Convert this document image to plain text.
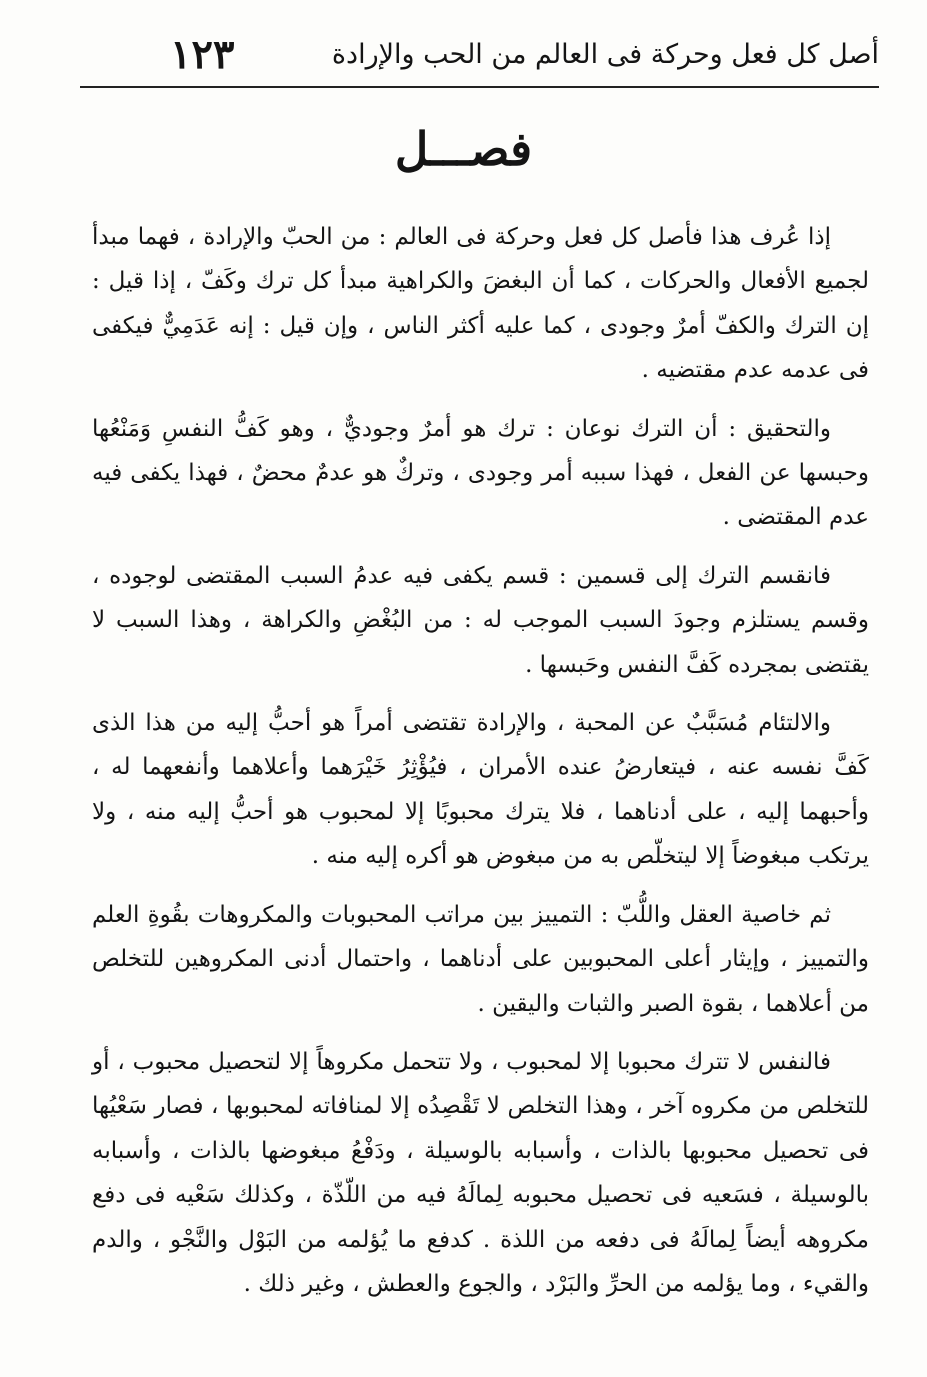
أصل كل فعل وحركة فى العالم من الحب والإرادة
١٢٣
فصـــل

إذا عُرف هذا فأصل كل فعل وحركة فى العالم : من الحبّ والإرادة ، فهما مبدأ لجميع الأفعال والحركات ، كما أن البغضَ والكراهية مبدأ كل ترك وكَفّ ، إذا قيل : إن الترك والكفّ أمرٌ وجودى ، كما عليه أكثر الناس ، وإن قيل : إنه عَدَمِيٌّ فيكفى فى عدمه عدم مقتضيه .

والتحقيق : أن الترك نوعان : ترك هو أمرٌ وجوديٌّ ، وهو كَفُّ النفسِ وَمَنْعُها وحبسها عن الفعل ، فهذا سببه أمر وجودى ، وتركٌ هو عدمٌ محضٌ ، فهذا يكفى فيه عدم المقتضى .

فانقسم الترك إلى قسمين : قسم يكفى فيه عدمُ السبب المقتضى لوجوده ، وقسم يستلزم وجودَ السبب الموجب له : من البُغْضِ والكراهة ، وهذا السبب لا يقتضى بمجرده كَفَّ النفس وحَبسها .

والالتئام مُسَبَّبٌ عن المحبة ، والإرادة تقتضى أمراً هو أحبُّ إليه من هذا الذى كَفَّ نفسه عنه ، فيتعارضُ عنده الأمران ، فيُؤْثِرُ خَيْرَهما وأعلاهما وأنفعهما له ، وأحبهما إليه ، على أدناهما ، فلا يترك محبوبًا إلا لمحبوب هو أحبُّ إليه منه ، ولا يرتكب مبغوضاً إلا ليتخلّص به من مبغوض هو أكره إليه منه .

ثم خاصية العقل واللُّبّ : التمييز بين مراتب المحبوبات والمكروهات بقُوةِ العلم والتمييز ، وإيثار أعلى المحبوبين على أدناهما ، واحتمال أدنى المكروهين للتخلص من أعلاهما ، بقوة الصبر والثبات واليقين .

فالنفس لا تترك محبوبا إلا لمحبوب ، ولا تتحمل مكروهاً إلا لتحصيل محبوب ، أو للتخلص من مكروه آخر ، وهذا التخلص لا تَقْصِدُه إلا لمنافاته لمحبوبها ، فصار سَعْيُها فى تحصيل محبوبها بالذات ، وأسبابه بالوسيلة ، ودَفْعُ مبغوضها بالذات ، وأسبابه بالوسيلة ، فسَعيه فى تحصيل محبوبه لِمالَهُ فيه من اللّذّة ، وكذلك سَعْيه فى دفع مكروهه أيضاً لِمالَهُ فى دفعه من اللذة . كدفع ما يُؤلمه من البَوْل والنَّجْو ، والدم والقيء ، وما يؤلمه من الحرِّ والبَرْد ، والجوع والعطش ، وغير ذلك .
